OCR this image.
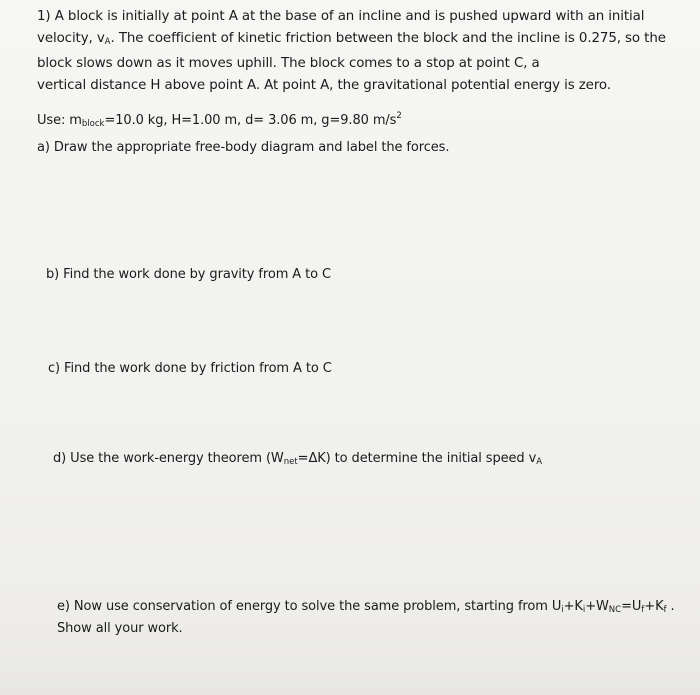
1) A block is initially at point A at the base of an incline and is pushed upward with an initial
velocity, vA. The coefficient of kinetic friction between the block and the incline is 0.275, so the
block slows down as it moves uphill. The block comes to a stop at point C, a
vertical distance H above point A. At point A, the gravitational potential energy is zero.
Use: $m_{block}=10.0$ kg, H=1.00 m, d= 3.06 m, g=9.80 $m/s^2$
a) Draw the appropriate free-body diagram and label the forces.
b) Find the work done by gravity from A to C
c) Find the work done by friction from A to C
d) Use the work-energy theorem $(W_{net}=\Delta K)$ to determine the initial speed $v_A$
e) Now use conservation of energy to solve the same problem, starting from $U_i+K_i+W_{NC}=U_f+K_f$ .
Show all your work.
